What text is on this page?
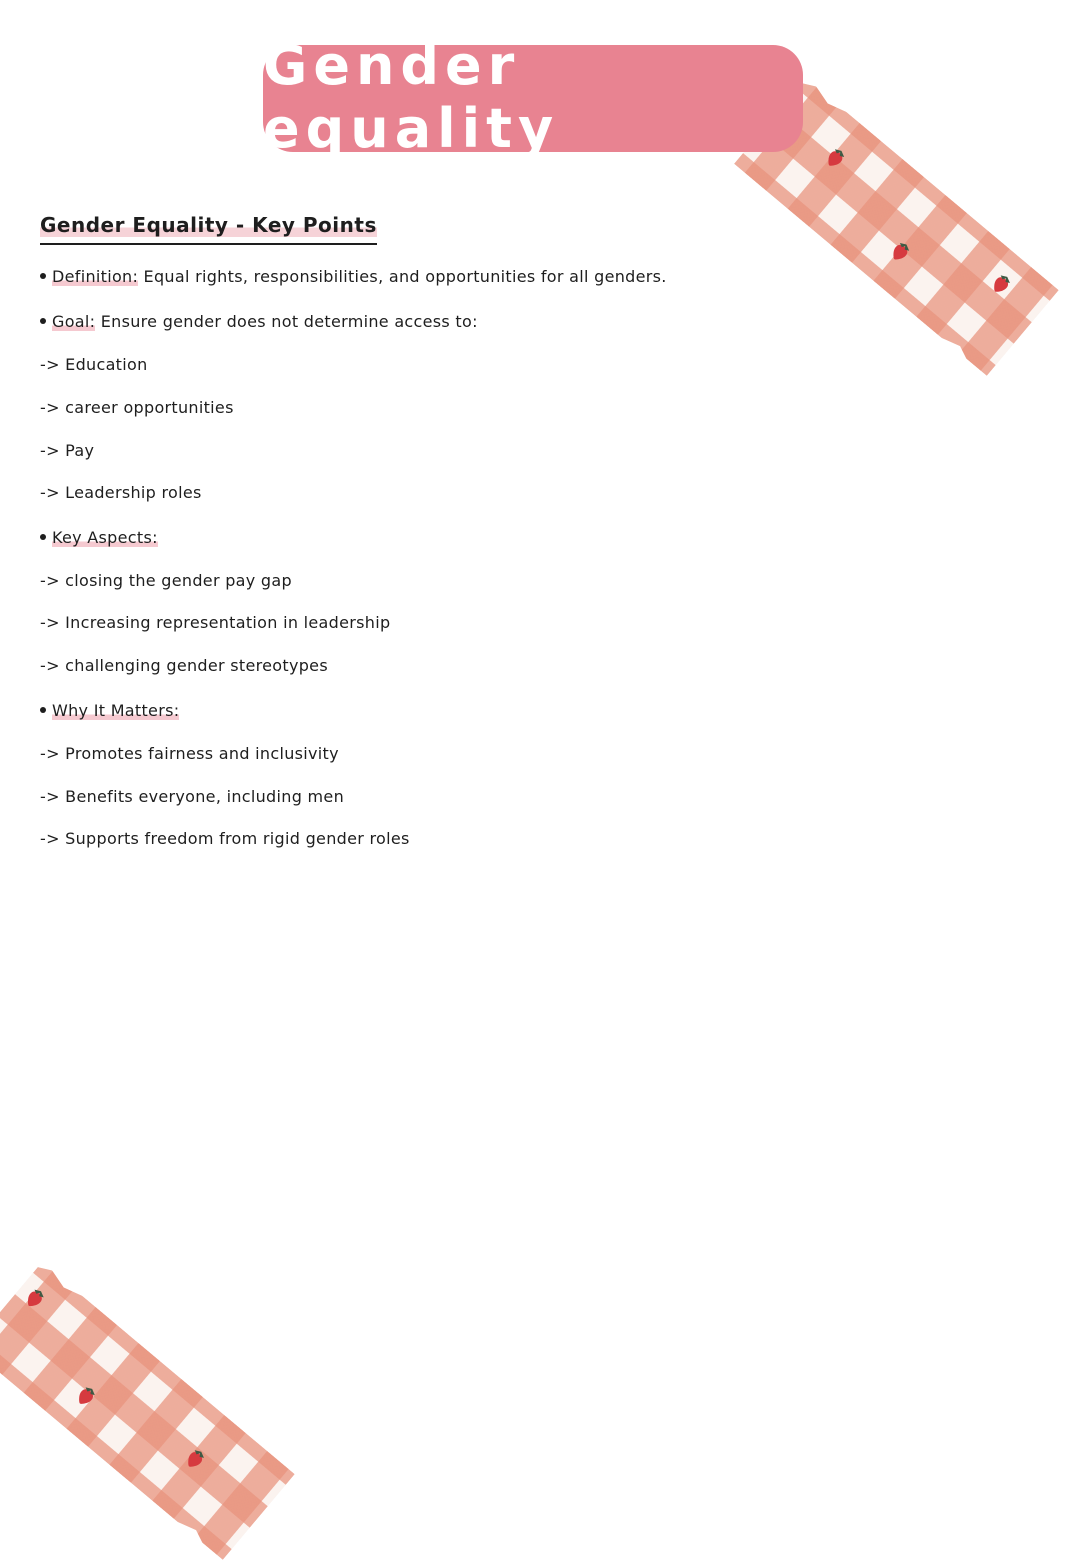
Gender equality
Gender Equality - Key Points
Definition: Equal rights, responsibilities, and opportunities for all genders.
Goal: Ensure gender does not determine access to:
-> Education
-> career opportunities
-> Pay
-> Leadership roles
Key Aspects:
-> closing the gender pay gap
-> Increasing representation in leadership
-> challenging gender stereotypes
Why It Matters:
-> Promotes fairness and inclusivity
-> Benefits everyone, including men
-> Supports freedom from rigid gender roles
